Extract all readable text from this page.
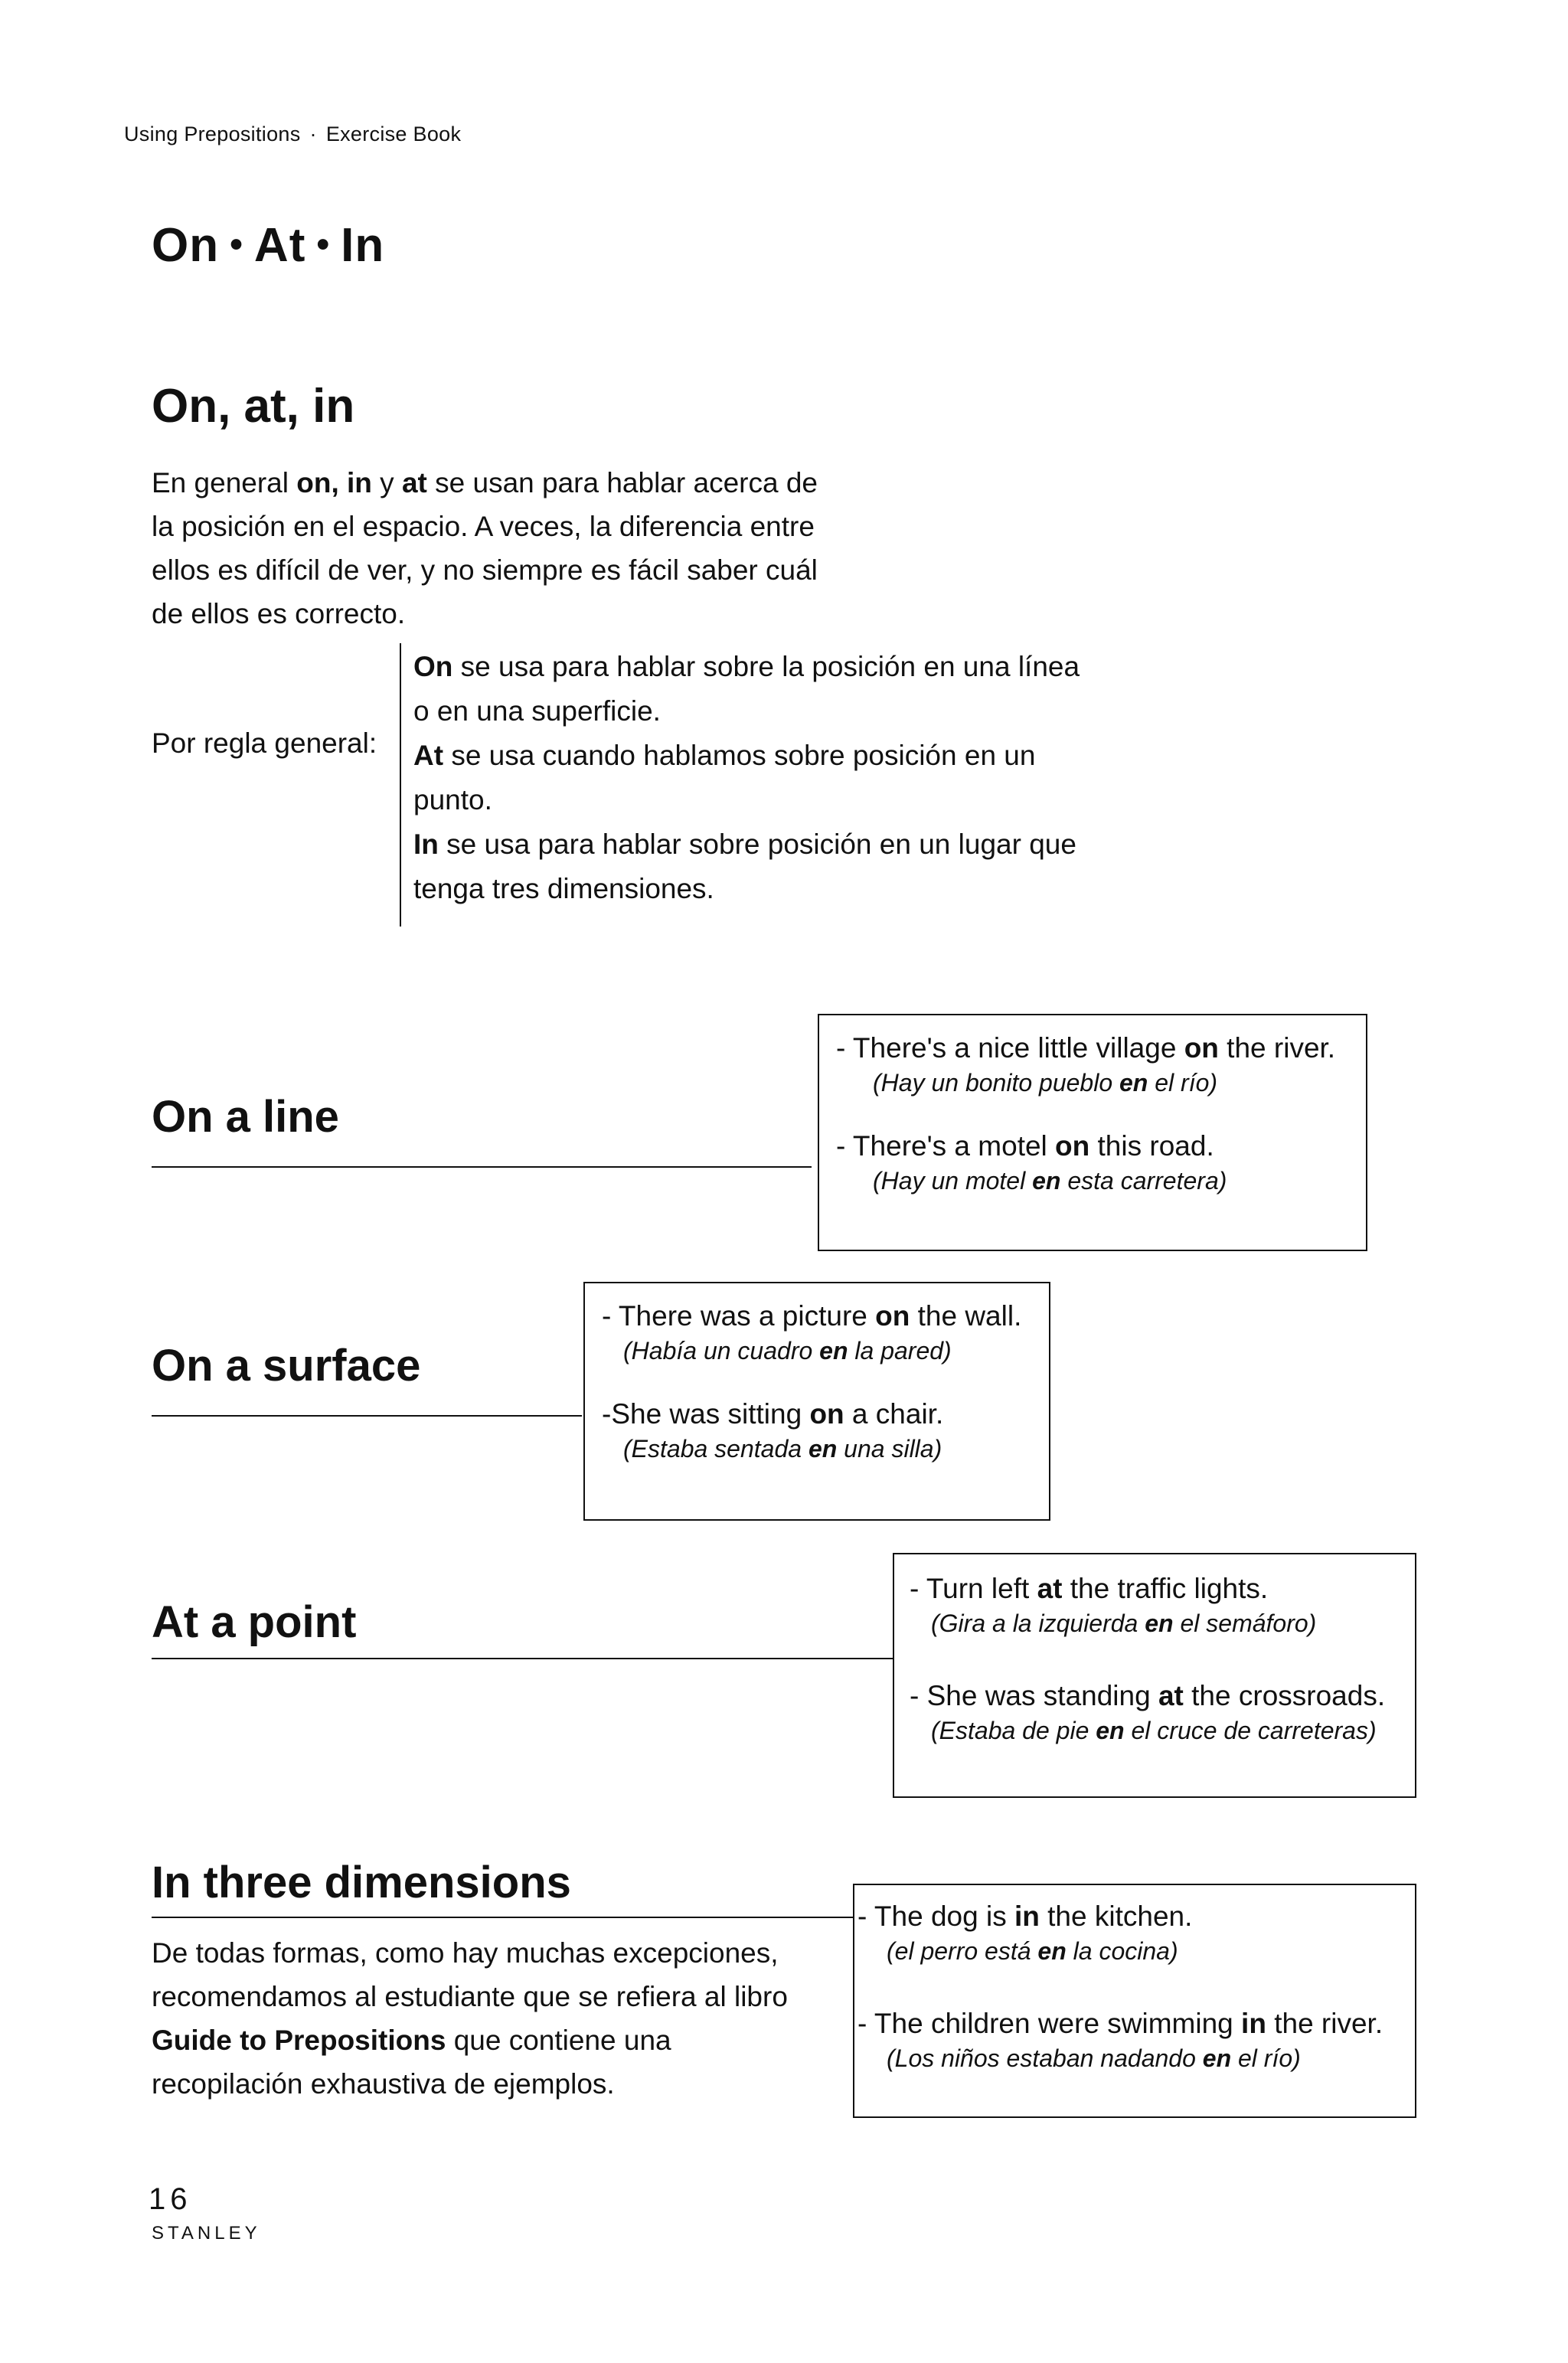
Using Prepositions · Exercise Book
On • At • In
On, at, in
En general on, in y at se usan para hablar acerca de la posición en el espacio. A veces, la diferencia entre ellos es difícil de ver, y no siempre es fácil saber cuál de ellos es correcto.
Por regla general:
On se usa para hablar sobre la posición en una línea o en una superficie.
At se usa cuando hablamos sobre posición en un punto.
In se usa para hablar sobre posición en un lugar que tenga tres dimensiones.
On a line
- There's a nice little village on the river.
(Hay un bonito pueblo en el río)
- There's a motel on this road.
(Hay un motel en esta carretera)
On a surface
- There was a picture on the wall.
(Había un cuadro en la pared)
-She was sitting on a chair.
(Estaba sentada en una silla)
At a point
- Turn left at the traffic lights.
(Gira a la izquierda en el semáforo)
- She was standing at the crossroads.
(Estaba de pie en el cruce de carreteras)
In three dimensions
De todas formas, como hay muchas excepciones, recomendamos al estudiante que se refiera al libro Guide to Prepositions que contiene una recopilación exhaustiva de ejemplos.
- The dog is in the kitchen.
(el perro está en la cocina)
- The children were swimming in the river.
(Los niños estaban nadando en el río)
16
STANLEY
